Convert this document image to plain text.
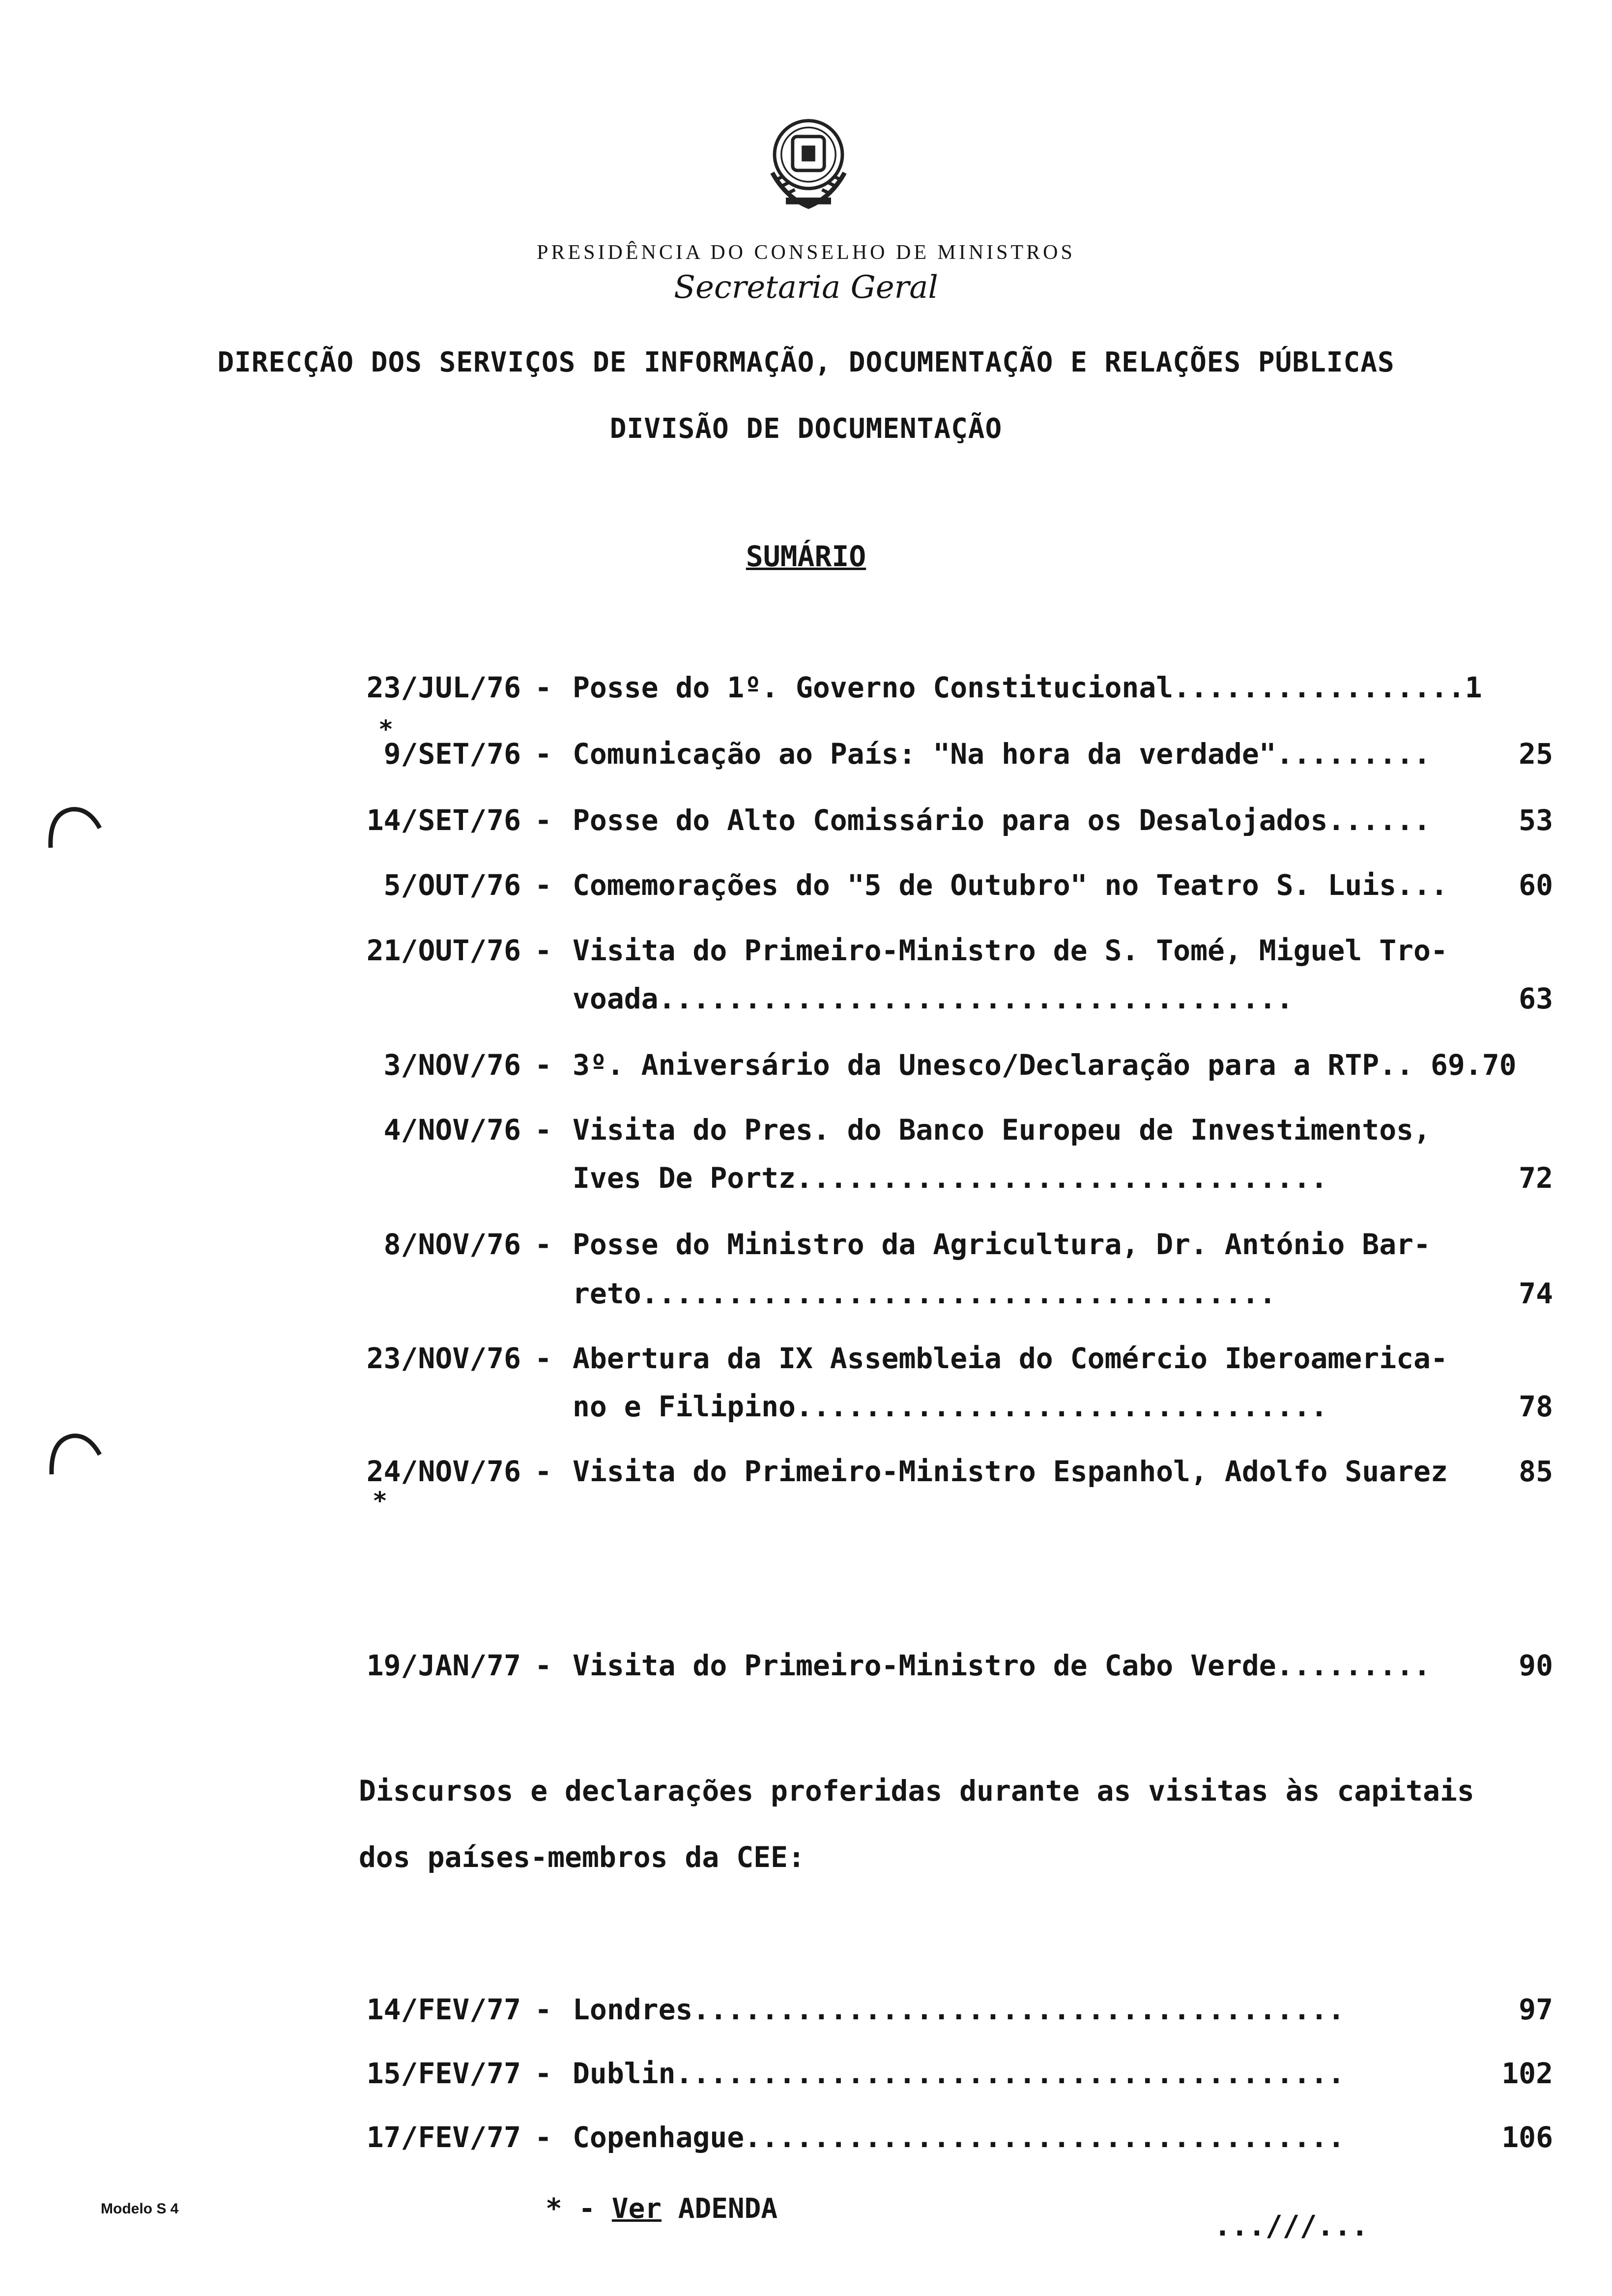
PRESIDÊNCIA DO CONSELHO DE MINISTROS
Secretaria Geral
DIRECÇÃO DOS SERVIÇOS DE INFORMAÇÃO, DOCUMENTAÇÃO E RELAÇÕES PÚBLICAS
DIVISÃO DE DOCUMENTAÇÃO
SUMÁRIO
23/JUL/76 - Posse do 1º. Governo Constitucional.................1
*
9/SET/76 - Comunicação ao País: "Na hora da verdade".........	25
14/SET/76 - Posse do Alto Comissário para os Desalojados......	53
5/OUT/76 - Comemorações do "5 de Outubro" no Teatro S. Luis...	60
21/OUT/76 - Visita do Primeiro-Ministro de S. Tomé, Miguel Tro-
voada.....................................	63
3/NOV/76 - 3º. Aniversário da Unesco/Declaração para a RTP.. 69.70
4/NOV/76 - Visita do Pres. do Banco Europeu de Investimentos,
Ives De Portz...............................	72
8/NOV/76 - Posse do Ministro da Agricultura, Dr. António Bar-
reto.....................................	74
23/NOV/76 - Abertura da IX Assembleia do Comércio Iberoamerica-
no e Filipino...............................	78
24/NOV/76 - Visita do Primeiro-Ministro Espanhol, Adolfo Suarez	85
*
19/JAN/77 - Visita do Primeiro-Ministro de Cabo Verde.........	90
Discursos e declarações proferidas durante as visitas às capitais
dos países-membros da CEE:
14/FEV/77 - Londres......................................	97
15/FEV/77 - Dublin.......................................	102
17/FEV/77 - Copenhague...................................	106
Modelo S 4	* - Ver ADENDA
...///...
